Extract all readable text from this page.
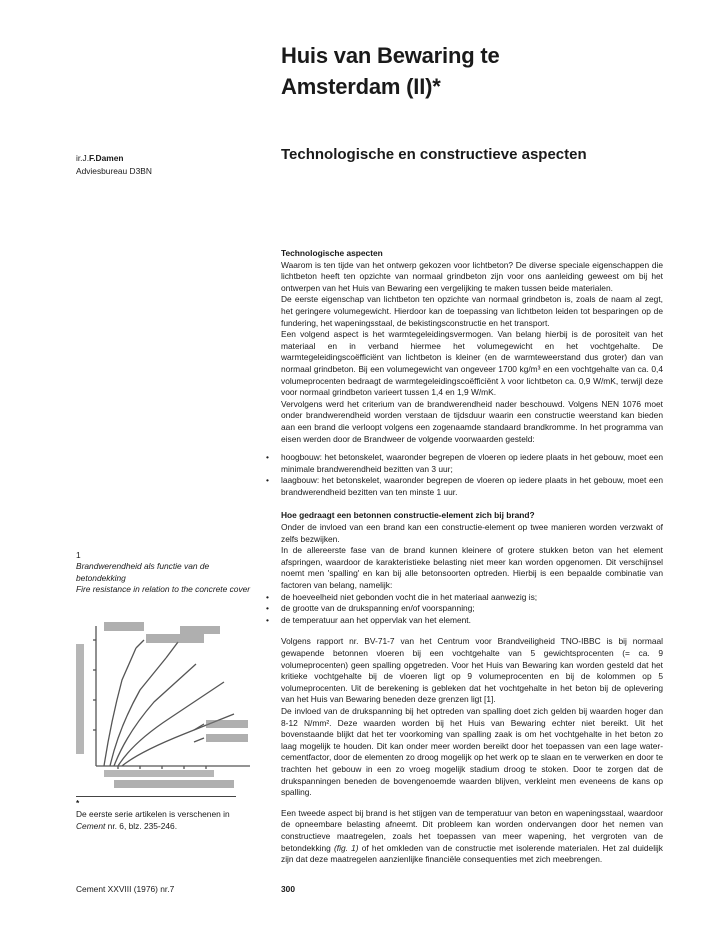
Huis van Bewaring te
Amsterdam (II)*
Technologische en constructieve aspecten
ir.J.F.Damen
Adviesbureau D3BN

Technologische aspecten

Waarom is ten tijde van het ontwerp gekozen voor lichtbeton? De diverse speciale eigenschappen die lichtbeton heeft ten opzichte van normaal grindbeton zijn voor ons aanleiding geweest om bij het ontwerpen van het Huis van Bewaring een vergelijking te maken tussen beide materialen.

De eerste eigenschap van lichtbeton ten opzichte van normaal grindbeton is, zoals de naam al zegt, het geringere volumegewicht. Hierdoor kan de toepassing van lichtbeton leiden tot besparingen op de fundering, het wapeningsstaal, de bekistingsconstructie en het transport.

Een volgend aspect is het warmtegeleidingsvermogen. Van belang hierbij is de porositeit van het materiaal en in verband hiermee het volumegewicht en het vochtgehalte. De warmtegeleidingscoëfficiënt van lichtbeton is kleiner (en de warmteweerstand dus groter) dan van normaal grindbeton. Bij een volumegewicht van ongeveer 1700 kg/m³ en een vochtgehalte van ca. 0,4 volumeprocenten bedraagt de warmtegeleidingscoëfficiënt λ voor lichtbeton ca. 0,9 W/mK, terwijl deze voor normaal grindbeton varieert tussen 1,4 en 1,9 W/mK.

Vervolgens werd het criterium van de brandwerendheid nader beschouwd. Volgens NEN 1076 moet onder brandwerendheid worden verstaan de tijdsduur waarin een constructie weerstand kan bieden aan een brand die verloopt volgens een zogenaamde standaard brandkromme. In het programma van eisen werden door de Brandweer de volgende voorwaarden gesteld:

• hoogbouw: het betonskelet, waaronder begrepen de vloeren op iedere plaats in het gebouw, moet een minimale brandwerendheid bezitten van 3 uur;
• laagbouw: het betonskelet, waaronder begrepen de vloeren op iedere plaats in het gebouw, moet een brandwerendheid bezitten van ten minste 1 uur.

Hoe gedraagt een betonnen constructie-element zich bij brand?

Onder de invloed van een brand kan een constructie-element op twee manieren worden verzwakt of zelfs bezwijken.

In de allereerste fase van de brand kunnen kleinere of grotere stukken beton van het element afspringen, waardoor de karakteristieke belasting niet meer kan worden opgenomen. Dit verschijnsel noemt men 'spalling' en kan bij alle betonsoorten optreden. Hierbij is een bepaalde combinatie van factoren van belang, namelijk:

• de hoeveelheid niet gebonden vocht die in het materiaal aanwezig is;
• de grootte van de drukspanning en/of voorspanning;
• de temperatuur aan het oppervlak van het element.

Volgens rapport nr. BV-71-7 van het Centrum voor Brandveiligheid TNO-IBBC is bij normaal gewapende betonnen vloeren bij een vochtgehalte van 5 gewichtsprocenten (= ca. 9 volumeprocenten) geen spalling opgetreden. Voor het Huis van Bewaring kan worden gesteld dat het kritieke vochtgehalte bij de vloeren ligt op 9 volumeprocenten en bij de kolommen op 5 volumeprocenten. Uit de berekening is gebleken dat het vochtgehalte in het beton bij de oplevering van het Huis van Bewaring beneden deze grenzen ligt [1].

De invloed van de drukspanning bij het optreden van spalling doet zich gelden bij waarden hoger dan 8-12 N/mm². Deze waarden worden bij het Huis van Bewaring echter niet bereikt. Uit het bovenstaande blijkt dat het ter voorkoming van spalling zaak is om het vochtgehalte in het beton zo laag mogelijk te houden. Dit kan onder meer worden bereikt door het toepassen van een lage water-cementfactor, door de elementen zo droog mogelijk op het werk op te slaan en te verwerken en door te trachten het gebouw in een zo vroeg mogelijk stadium droog te stoken. Door te zorgen dat de drukspanningen beneden de bovengenoemde waarden blijven, verkleint men eveneens de kans op spalling.

Een tweede aspect bij brand is het stijgen van de temperatuur van beton en wapeningsstaal, waardoor de opneembare belasting afneemt. Dit probleem kan worden ondervangen door het nemen van constructieve maatregelen, zoals het toepassen van meer wapening, het vergroten van de betondekking (fig. 1) of het omkleden van de constructie met isolerende materialen. Het zal duidelijk zijn dat deze maatregelen aanzienlijke financiële consequenties met zich meebrengen.

1
Brandwerendheid als functie van de betondekking
Fire resistance in relation to the concrete cover
*
De eerste serie artikelen is verschenen in Cement nr. 6, blz. 235-246.
Cement XXVIII (1976) nr.7	300
